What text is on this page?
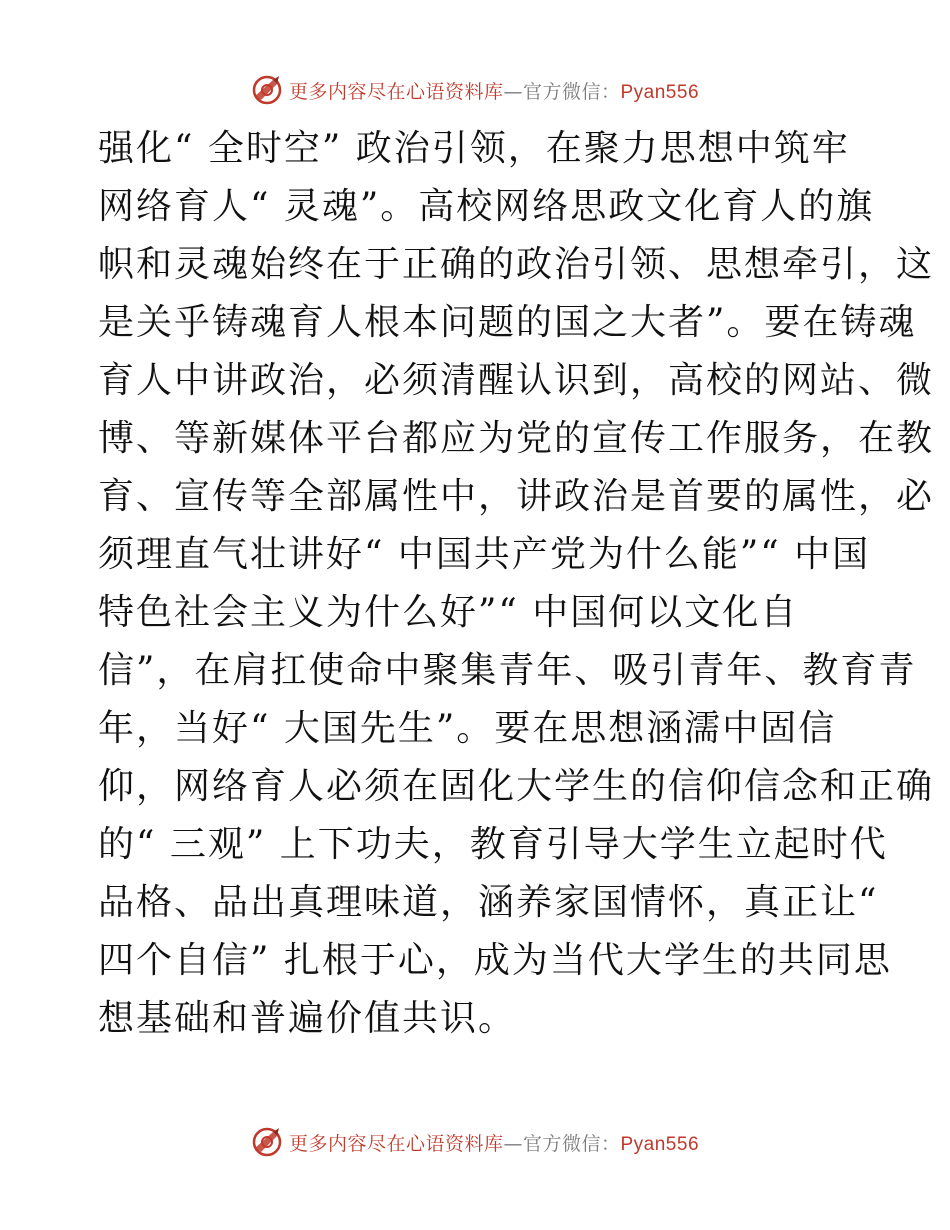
更多内容尽在心语资料库—官方微信：Pyan556
强化“ 全时空” 政治引领，在聚力思想中筑牢
网络育人“ 灵魂”。高校网络思政文化育人的旗
帜和灵魂始终在于正确的政治引领、思想牵引，这
是关乎铸魂育人根本问题的国之大者”。要在铸魂
育人中讲政治，必须清醒认识到，高校的网站、微
博、等新媒体平台都应为党的宣传工作服务，在教
育、宣传等全部属性中，讲政治是首要的属性，必
须理直气壮讲好“ 中国共产党为什么能”“ 中国
特色社会主义为什么好”“ 中国何以文化自
信”，在肩扛使命中聚集青年、吸引青年、教育青
年，当好“ 大国先生”。要在思想涵濡中固信
仰，网络育人必须在固化大学生的信仰信念和正确
的“ 三观” 上下功夫，教育引导大学生立起时代
品格、品出真理味道，涵养家国情怀，真正让“
四个自信” 扎根于心，成为当代大学生的共同思
想基础和普遍价值共识。
更多内容尽在心语资料库—官方微信：Pyan556
